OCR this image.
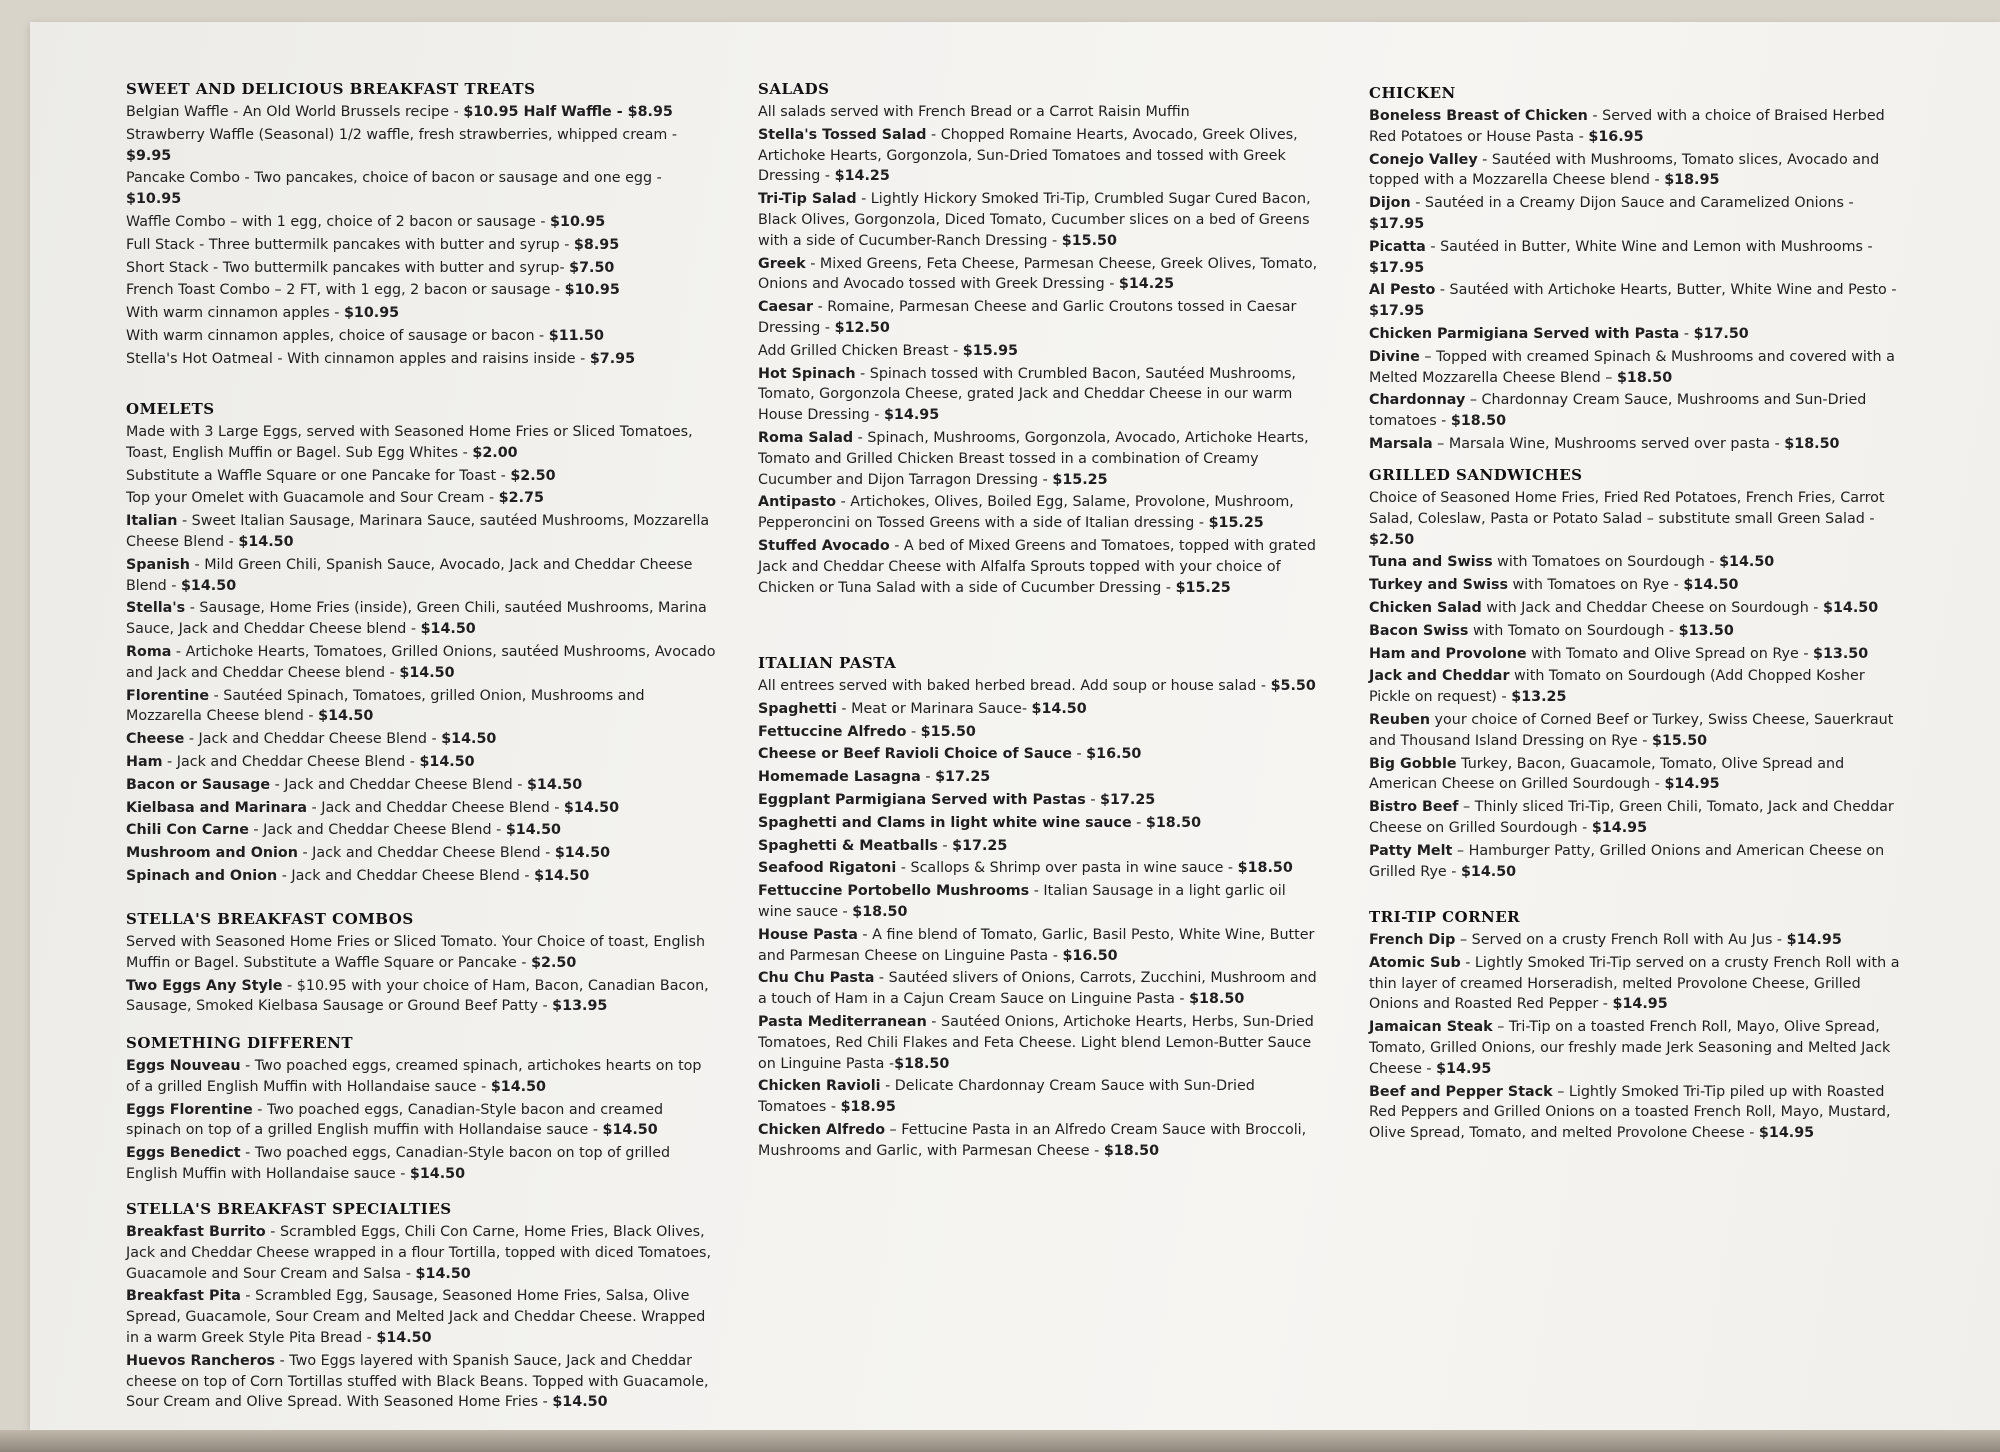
SWEET AND DELICIOUS BREAKFAST TREATS
Belgian Waffle - An Old World Brussels recipe - $10.95 Half Waffle - $8.95
Strawberry Waffle (Seasonal) 1/2 waffle, fresh strawberries, whipped cream - $9.95
Pancake Combo - Two pancakes, choice of bacon or sausage and one egg - $10.95
Waffle Combo – with 1 egg, choice of 2 bacon or sausage - $10.95
Full Stack - Three buttermilk pancakes with butter and syrup - $8.95
Short Stack - Two buttermilk pancakes with butter and syrup- $7.50
French Toast Combo – 2 FT, with 1 egg, 2 bacon or sausage - $10.95
With warm cinnamon apples - $10.95
With warm cinnamon apples, choice of sausage or bacon - $11.50
Stella's Hot Oatmeal - With cinnamon apples and raisins inside - $7.95
OMELETS
Made with 3 Large Eggs, served with Seasoned Home Fries or Sliced Tomatoes, Toast, English Muffin or Bagel. Sub Egg Whites - $2.00
Substitute a Waffle Square or one Pancake for Toast - $2.50
Top your Omelet with Guacamole and Sour Cream - $2.75
Italian - Sweet Italian Sausage, Marinara Sauce, sautéed Mushrooms, Mozzarella Cheese Blend - $14.50
Spanish - Mild Green Chili, Spanish Sauce, Avocado, Jack and Cheddar Cheese Blend - $14.50
Stella's - Sausage, Home Fries (inside), Green Chili, sautéed Mushrooms, Marina Sauce, Jack and Cheddar Cheese blend - $14.50
Roma - Artichoke Hearts, Tomatoes, Grilled Onions, sautéed Mushrooms, Avocado and Jack and Cheddar Cheese blend - $14.50
Florentine - Sautéed Spinach, Tomatoes, grilled Onion, Mushrooms and Mozzarella Cheese blend - $14.50
Cheese - Jack and Cheddar Cheese Blend - $14.50
Ham - Jack and Cheddar Cheese Blend - $14.50
Bacon or Sausage - Jack and Cheddar Cheese Blend - $14.50
Kielbasa and Marinara - Jack and Cheddar Cheese Blend - $14.50
Chili Con Carne - Jack and Cheddar Cheese Blend - $14.50
Mushroom and Onion - Jack and Cheddar Cheese Blend - $14.50
Spinach and Onion - Jack and Cheddar Cheese Blend - $14.50
STELLA'S BREAKFAST COMBOS
Served with Seasoned Home Fries or Sliced Tomato. Your Choice of toast, English Muffin or Bagel. Substitute a Waffle Square or Pancake - $2.50
Two Eggs Any Style - $10.95 with your choice of Ham, Bacon, Canadian Bacon, Sausage, Smoked Kielbasa Sausage or Ground Beef Patty - $13.95
SOMETHING DIFFERENT
Eggs Nouveau - Two poached eggs, creamed spinach, artichokes hearts on top of a grilled English Muffin with Hollandaise sauce - $14.50
Eggs Florentine - Two poached eggs, Canadian-Style bacon and creamed spinach on top of a grilled English muffin with Hollandaise sauce - $14.50
Eggs Benedict - Two poached eggs, Canadian-Style bacon on top of grilled English Muffin with Hollandaise sauce - $14.50
STELLA'S BREAKFAST SPECIALTIES
Breakfast Burrito - Scrambled Eggs, Chili Con Carne, Home Fries, Black Olives, Jack and Cheddar Cheese wrapped in a flour Tortilla, topped with diced Tomatoes, Guacamole and Sour Cream and Salsa - $14.50
Breakfast Pita - Scrambled Egg, Sausage, Seasoned Home Fries, Salsa, Olive Spread, Guacamole, Sour Cream and Melted Jack and Cheddar Cheese. Wrapped in a warm Greek Style Pita Bread - $14.50
Huevos Rancheros - Two Eggs layered with Spanish Sauce, Jack and Cheddar cheese on top of Corn Tortillas stuffed with Black Beans. Topped with Guacamole, Sour Cream and Olive Spread. With Seasoned Home Fries - $14.50
SALADS
All salads served with French Bread or a Carrot Raisin Muffin
Stella's Tossed Salad - Chopped Romaine Hearts, Avocado, Greek Olives, Artichoke Hearts, Gorgonzola, Sun-Dried Tomatoes and tossed with Greek Dressing - $14.25
Tri-Tip Salad - Lightly Hickory Smoked Tri-Tip, Crumbled Sugar Cured Bacon, Black Olives, Gorgonzola, Diced Tomato, Cucumber slices on a bed of Greens with a side of Cucumber-Ranch Dressing - $15.50
Greek - Mixed Greens, Feta Cheese, Parmesan Cheese, Greek Olives, Tomato, Onions and Avocado tossed with Greek Dressing - $14.25
Caesar - Romaine, Parmesan Cheese and Garlic Croutons tossed in Caesar Dressing - $12.50
Add Grilled Chicken Breast - $15.95
Hot Spinach - Spinach tossed with Crumbled Bacon, Sautéed Mushrooms, Tomato, Gorgonzola Cheese, grated Jack and Cheddar Cheese in our warm House Dressing - $14.95
Roma Salad - Spinach, Mushrooms, Gorgonzola, Avocado, Artichoke Hearts, Tomato and Grilled Chicken Breast tossed in a combination of Creamy Cucumber and Dijon Tarragon Dressing - $15.25
Antipasto - Artichokes, Olives, Boiled Egg, Salame, Provolone, Mushroom, Pepperoncini on Tossed Greens with a side of Italian dressing - $15.25
Stuffed Avocado - A bed of Mixed Greens and Tomatoes, topped with grated Jack and Cheddar Cheese with Alfalfa Sprouts topped with your choice of Chicken or Tuna Salad with a side of Cucumber Dressing - $15.25
ITALIAN PASTA
All entrees served with baked herbed bread. Add soup or house salad - $5.50
Spaghetti - Meat or Marinara Sauce- $14.50
Fettuccine Alfredo - $15.50
Cheese or Beef Ravioli Choice of Sauce - $16.50
Homemade Lasagna - $17.25
Eggplant Parmigiana Served with Pastas - $17.25
Spaghetti and Clams in light white wine sauce - $18.50
Spaghetti & Meatballs - $17.25
Seafood Rigatoni - Scallops & Shrimp over pasta in wine sauce - $18.50
Fettuccine Portobello Mushrooms - Italian Sausage in a light garlic oil wine sauce - $18.50
House Pasta - A fine blend of Tomato, Garlic, Basil Pesto, White Wine, Butter and Parmesan Cheese on Linguine Pasta - $16.50
Chu Chu Pasta - Sautéed slivers of Onions, Carrots, Zucchini, Mushroom and a touch of Ham in a Cajun Cream Sauce on Linguine Pasta - $18.50
Pasta Mediterranean - Sautéed Onions, Artichoke Hearts, Herbs, Sun-Dried Tomatoes, Red Chili Flakes and Feta Cheese. Light blend Lemon-Butter Sauce on Linguine Pasta -$18.50
Chicken Ravioli - Delicate Chardonnay Cream Sauce with Sun-Dried Tomatoes - $18.95
Chicken Alfredo – Fettucine Pasta in an Alfredo Cream Sauce with Broccoli, Mushrooms and Garlic, with Parmesan Cheese - $18.50
CHICKEN
Boneless Breast of Chicken - Served with a choice of Braised Herbed Red Potatoes or House Pasta - $16.95
Conejo Valley - Sautéed with Mushrooms, Tomato slices, Avocado and topped with a Mozzarella Cheese blend - $18.95
Dijon - Sautéed in a Creamy Dijon Sauce and Caramelized Onions - $17.95
Picatta - Sautéed in Butter, White Wine and Lemon with Mushrooms - $17.95
Al Pesto - Sautéed with Artichoke Hearts, Butter, White Wine and Pesto - $17.95
Chicken Parmigiana Served with Pasta - $17.50
Divine – Topped with creamed Spinach & Mushrooms and covered with a Melted Mozzarella Cheese Blend – $18.50
Chardonnay – Chardonnay Cream Sauce, Mushrooms and Sun-Dried tomatoes - $18.50
Marsala – Marsala Wine, Mushrooms served over pasta - $18.50
GRILLED SANDWICHES
Choice of Seasoned Home Fries, Fried Red Potatoes, French Fries, Carrot Salad, Coleslaw, Pasta or Potato Salad – substitute small Green Salad - $2.50
Tuna and Swiss with Tomatoes on Sourdough - $14.50
Turkey and Swiss with Tomatoes on Rye - $14.50
Chicken Salad with Jack and Cheddar Cheese on Sourdough - $14.50
Bacon Swiss with Tomato on Sourdough - $13.50
Ham and Provolone with Tomato and Olive Spread on Rye - $13.50
Jack and Cheddar with Tomato on Sourdough (Add Chopped Kosher Pickle on request) - $13.25
Reuben your choice of Corned Beef or Turkey, Swiss Cheese, Sauerkraut and Thousand Island Dressing on Rye - $15.50
Big Gobble Turkey, Bacon, Guacamole, Tomato, Olive Spread and American Cheese on Grilled Sourdough - $14.95
Bistro Beef – Thinly sliced Tri-Tip, Green Chili, Tomato, Jack and Cheddar Cheese on Grilled Sourdough - $14.95
Patty Melt – Hamburger Patty, Grilled Onions and American Cheese on Grilled Rye - $14.50
TRI-TIP CORNER
French Dip – Served on a crusty French Roll with Au Jus - $14.95
Atomic Sub - Lightly Smoked Tri-Tip served on a crusty French Roll with a thin layer of creamed Horseradish, melted Provolone Cheese, Grilled Onions and Roasted Red Pepper - $14.95
Jamaican Steak – Tri-Tip on a toasted French Roll, Mayo, Olive Spread, Tomato, Grilled Onions, our freshly made Jerk Seasoning and Melted Jack Cheese - $14.95
Beef and Pepper Stack – Lightly Smoked Tri-Tip piled up with Roasted Red Peppers and Grilled Onions on a toasted French Roll, Mayo, Mustard, Olive Spread, Tomato, and melted Provolone Cheese - $14.95
